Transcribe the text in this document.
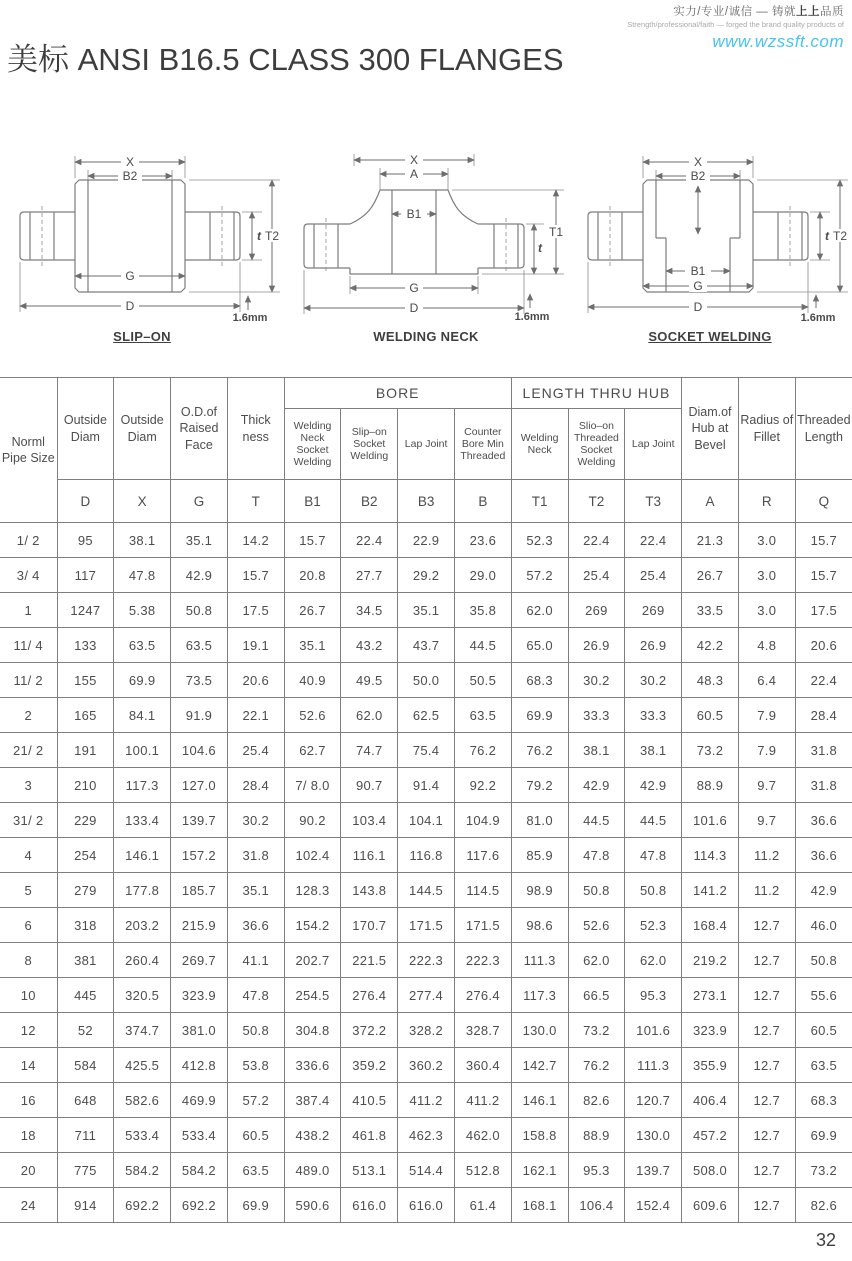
实力/专业/诚信 — 铸就上上品质
Strength/professional/faith — forged the brand quality products of
www.wzssft.com
美标 ANSI B16.5 CLASS 300 FLANGES
X
B2
G
D
t T2
1.6mm
SLIP–ON
X
A
B1
G
D
t
T1
1.6mm
WELDING NECK
X
B2
B1
G
D
t T2
1.6mm
SOCKET WELDING
Norml Pipe Size	Outside Diam	Outside Diam	O.D.of Raised Face	Thick ness	BORE				LENGTH THRU HUB			Diam.of Hub at Bevel	Radius of Fillet	Threaded Length
					Welding Neck Socket Welding	Slip–on Socket Welding	Lap Joint	Counter Bore Min Threaded	Welding Neck	Slio–on Threaded Socket Welding	Lap Joint			
	D	X	G	T	B1	B2	B3	B	T1	T2	T3	A	R	Q
1/ 2	95	38.1	35.1	14.2	15.7	22.4	22.9	23.6	52.3	22.4	22.4	21.3	3.0	15.7
3/ 4	117	47.8	42.9	15.7	20.8	27.7	29.2	29.0	57.2	25.4	25.4	26.7	3.0	15.7
1	1247	5.38	50.8	17.5	26.7	34.5	35.1	35.8	62.0	269	269	33.5	3.0	17.5
11/ 4	133	63.5	63.5	19.1	35.1	43.2	43.7	44.5	65.0	26.9	26.9	42.2	4.8	20.6
11/ 2	155	69.9	73.5	20.6	40.9	49.5	50.0	50.5	68.3	30.2	30.2	48.3	6.4	22.4
2	165	84.1	91.9	22.1	52.6	62.0	62.5	63.5	69.9	33.3	33.3	60.5	7.9	28.4
21/ 2	191	100.1	104.6	25.4	62.7	74.7	75.4	76.2	76.2	38.1	38.1	73.2	7.9	31.8
3	210	117.3	127.0	28.4	7/ 8.0	90.7	91.4	92.2	79.2	42.9	42.9	88.9	9.7	31.8
31/ 2	229	133.4	139.7	30.2	90.2	103.4	104.1	104.9	81.0	44.5	44.5	101.6	9.7	36.6
4	254	146.1	157.2	31.8	102.4	116.1	116.8	117.6	85.9	47.8	47.8	114.3	11.2	36.6
5	279	177.8	185.7	35.1	128.3	143.8	144.5	114.5	98.9	50.8	50.8	141.2	11.2	42.9
6	318	203.2	215.9	36.6	154.2	170.7	171.5	171.5	98.6	52.6	52.3	168.4	12.7	46.0
8	381	260.4	269.7	41.1	202.7	221.5	222.3	222.3	111.3	62.0	62.0	219.2	12.7	50.8
10	445	320.5	323.9	47.8	254.5	276.4	277.4	276.4	117.3	66.5	95.3	273.1	12.7	55.6
12	52	374.7	381.0	50.8	304.8	372.2	328.2	328.7	130.0	73.2	101.6	323.9	12.7	60.5
14	584	425.5	412.8	53.8	336.6	359.2	360.2	360.4	142.7	76.2	111.3	355.9	12.7	63.5
16	648	582.6	469.9	57.2	387.4	410.5	411.2	411.2	146.1	82.6	120.7	406.4	12.7	68.3
18	711	533.4	533.4	60.5	438.2	461.8	462.3	462.0	158.8	88.9	130.0	457.2	12.7	69.9
20	775	584.2	584.2	63.5	489.0	513.1	514.4	512.8	162.1	95.3	139.7	508.0	12.7	73.2
24	914	692.2	692.2	69.9	590.6	616.0	616.0	61.4	168.1	106.4	152.4	609.6	12.7	82.6
32
